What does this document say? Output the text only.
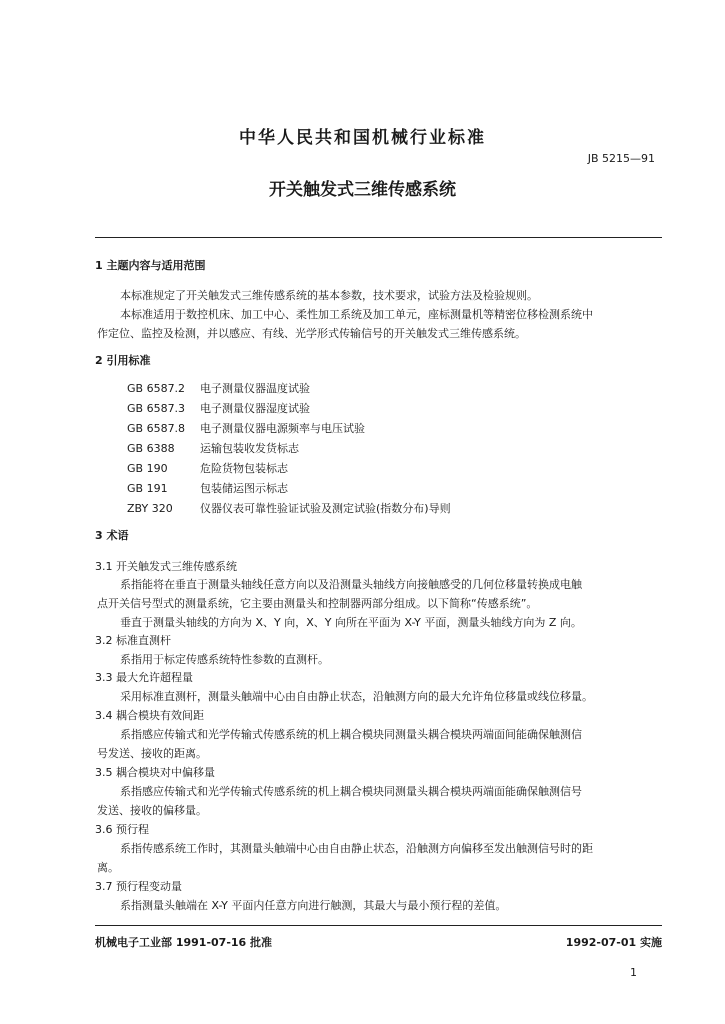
中华人民共和国机械行业标准
JB 5215—91
开关触发式三维传感系统
1 主题内容与适用范围
本标准规定了开关触发式三维传感系统的基本参数，技术要求，试验方法及检验规则。
本标准适用于数控机床、加工中心、柔性加工系统及加工单元，座标测量机等精密位移检测系统中
作定位、监控及检测，并以感应、有线、光学形式传输信号的开关触发式三维传感系统。
2 引用标准
GB 6587.2 电子测量仪器温度试验
GB 6587.3 电子测量仪器湿度试验
GB 6587.8 电子测量仪器电源频率与电压试验
GB 6388 运输包装收发货标志
GB 190	危险货物包装标志
GB 191	包装储运图示标志
ZBY 320 仪器仪表可靠性验证试验及测定试验(指数分布)导则
3 术语
3.1 开关触发式三维传感系统
系指能将在垂直于测量头轴线任意方向以及沿测量头轴线方向接触感受的几何位移量转换成电触
点开关信号型式的测量系统，它主要由测量头和控制器两部分组成。以下简称“传感系统”。
垂直于测量头轴线的方向为 X、Y 向，X、Y 向所在平面为 X-Y 平面，测量头轴线方向为 Z 向。
3.2 标准直测杆
系指用于标定传感系统特性参数的直测杆。
3.3 最大允许超程量
采用标准直测杆，测量头触端中心由自由静止状态，沿触测方向的最大允许角位移量或线位移量。
3.4 耦合模块有效间距
系指感应传输式和光学传输式传感系统的机上耦合模块同测量头耦合模块两端面间能确保触测信
号发送、接收的距离。
3.5 耦合模块对中偏移量
系指感应传输式和光学传输式传感系统的机上耦合模块同测量头耦合模块两端面能确保触测信号
发送、接收的偏移量。
3.6 预行程
系指传感系统工作时，其测量头触端中心由自由静止状态，沿触测方向偏移至发出触测信号时的距
离。
3.7 预行程变动量
系指测量头触端在 X-Y 平面内任意方向进行触测，其最大与最小预行程的差值。
机械电子工业部 1991-07-16 批准	1992-07-01 实施
1
